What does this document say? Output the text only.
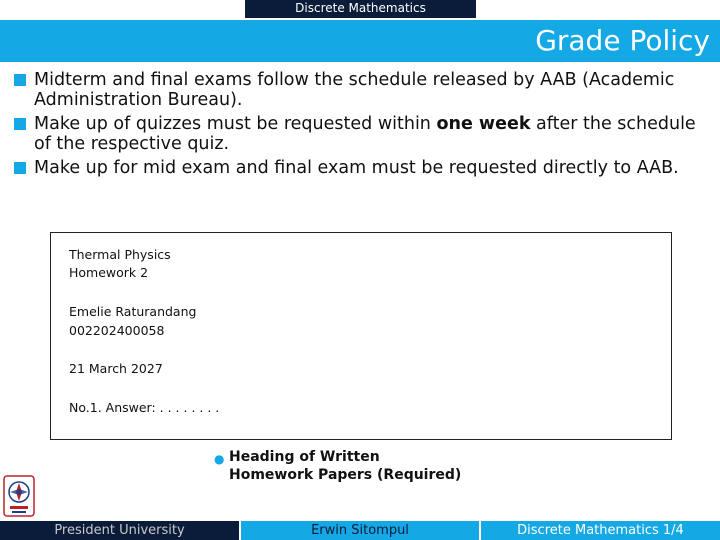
Discrete Mathematics
Grade Policy
Midterm and final exams follow the schedule released by AAB (Academic Administration Bureau).
Make up of quizzes must be requested within one week after the schedule of the respective quiz.
Make up for mid exam and final exam must be requested directly to AAB.
Thermal Physics
Homework 2
Emelie Raturandang
002202400058
21 March 2027
No.1. Answer: . . . . . . . .
● Heading of Written
Homework Papers (Required)
President University	Erwin Sitompul	Discrete Mathematics 1/4
